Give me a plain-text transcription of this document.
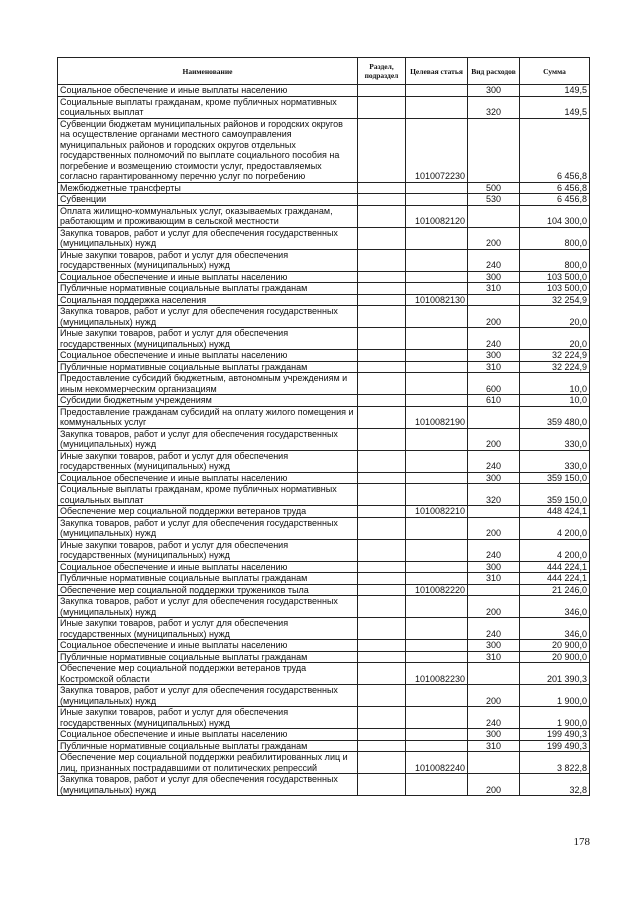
Наименование	Раздел, подраздел	Целевая статья	Вид расходов	Сумма
Социальное обеспечение и иные выплаты населению			300	149,5
Социальные выплаты гражданам, кроме публичных нормативных социальных выплат			320	149,5
Субвенции бюджетам муниципальных районов и городских округов на осуществление органами местного самоуправления муниципальных районов и городских округов отдельных государственных полномочий по выплате социального пособия на погребение и возмещению стоимости услуг, предоставляемых согласно гарантированному перечню услуг по погребению		1010072230		6 456,8
Межбюджетные трансферты			500	6 456,8
Субвенции			530	6 456,8
Оплата жилищно-коммунальных услуг, оказываемых гражданам, работающим и проживающим в сельской местности		1010082120		104 300,0
Закупка товаров, работ и услуг для обеспечения государственных (муниципальных) нужд			200	800,0
Иные закупки товаров, работ и услуг для обеспечения государственных (муниципальных) нужд			240	800,0
Социальное обеспечение и иные выплаты населению			300	103 500,0
Публичные нормативные социальные выплаты гражданам			310	103 500,0
Социальная поддержка населения		1010082130		32 254,9
Закупка товаров, работ и услуг для обеспечения государственных (муниципальных) нужд			200	20,0
Иные закупки товаров, работ и услуг для обеспечения государственных (муниципальных) нужд			240	20,0
Социальное обеспечение и иные выплаты населению			300	32 224,9
Публичные нормативные социальные выплаты гражданам			310	32 224,9
Предоставление субсидий бюджетным, автономным учреждениям и иным некоммерческим организациям			600	10,0
Субсидии бюджетным учреждениям			610	10,0
Предоставление гражданам субсидий на оплату жилого помещения и коммунальных услуг		1010082190		359 480,0
Закупка товаров, работ и услуг для обеспечения государственных (муниципальных) нужд			200	330,0
Иные закупки товаров, работ и услуг для обеспечения государственных (муниципальных) нужд			240	330,0
Социальное обеспечение и иные выплаты населению			300	359 150,0
Социальные выплаты гражданам, кроме публичных нормативных социальных выплат			320	359 150,0
Обеспечение мер социальной поддержки ветеранов труда		1010082210		448 424,1
Закупка товаров, работ и услуг для обеспечения государственных (муниципальных) нужд			200	4 200,0
Иные закупки товаров, работ и услуг для обеспечения государственных (муниципальных) нужд			240	4 200,0
Социальное обеспечение и иные выплаты населению			300	444 224,1
Публичные нормативные социальные выплаты гражданам			310	444 224,1
Обеспечение мер социальной поддержки тружеников тыла		1010082220		21 246,0
Закупка товаров, работ и услуг для обеспечения государственных (муниципальных) нужд			200	346,0
Иные закупки товаров, работ и услуг для обеспечения государственных (муниципальных) нужд			240	346,0
Социальное обеспечение и иные выплаты населению			300	20 900,0
Публичные нормативные социальные выплаты гражданам			310	20 900,0
Обеспечение мер социальной поддержки ветеранов труда Костромской области		1010082230		201 390,3
Закупка товаров, работ и услуг для обеспечения государственных (муниципальных) нужд			200	1 900,0
Иные закупки товаров, работ и услуг для обеспечения государственных (муниципальных) нужд			240	1 900,0
Социальное обеспечение и иные выплаты населению			300	199 490,3
Публичные нормативные социальные выплаты гражданам			310	199 490,3
Обеспечение мер социальной поддержки реабилитированных лиц и лиц, признанных пострадавшими от политических репрессий		1010082240		3 822,8
Закупка товаров, работ и услуг для обеспечения государственных (муниципальных) нужд			200	32,8
178
